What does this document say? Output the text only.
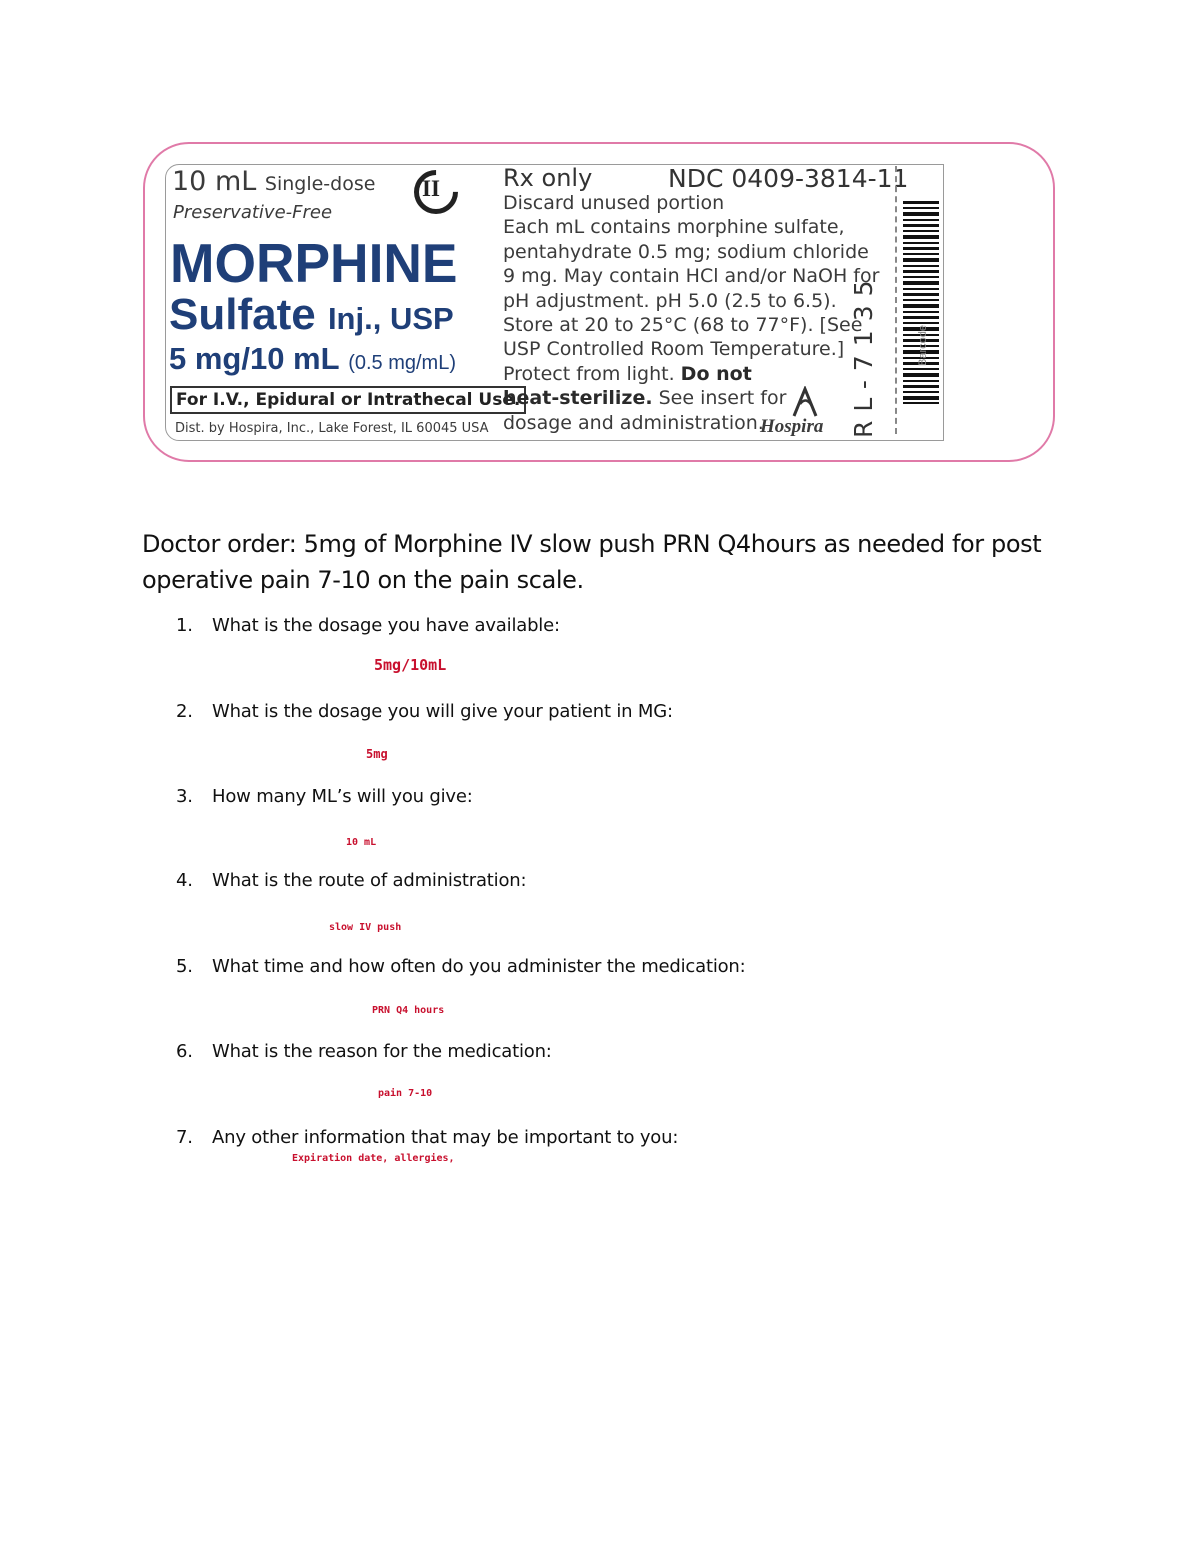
10 mL Single-dose
Preservative-Free
MORPHINE
Sulfate Inj., USP
5 mg/10 mL (0.5 mg/mL)
For I.V., Epidural or Intrathecal Use.
Dist. by Hospira, Inc., Lake Forest, IL 60045 USA
II	Rx only	NDC 0409-3814-11
Discard unused portion
Each mL contains morphine sulfate,
pentahydrate 0.5 mg; sodium chloride
9 mg. May contain HCl and/or NaOH for
pH adjustment. pH 5.0 (2.5 to 6.5).
Store at 20 to 25°C (68 to 77°F). [See
USP Controlled Room Temperature.]
Protect from light. Do not
heat-sterilize. See insert for
dosage and administration.
Hospira RL-7135	Barcode
Doctor order: 5mg of Morphine IV slow push PRN Q4hours as needed for post operative pain 7-10 on the pain scale.
1. What is the dosage you have available:
5mg/10mL
2. What is the dosage you will give your patient in MG:
5mg
3. How many ML’s will you give:
10 mL
4. What is the route of administration:
slow IV push
5. What time and how often do you administer the medication:
PRN Q4 hours
6. What is the reason for the medication:
pain 7-10
7. Any other information that may be important to you:
Expiration date, allergies,
